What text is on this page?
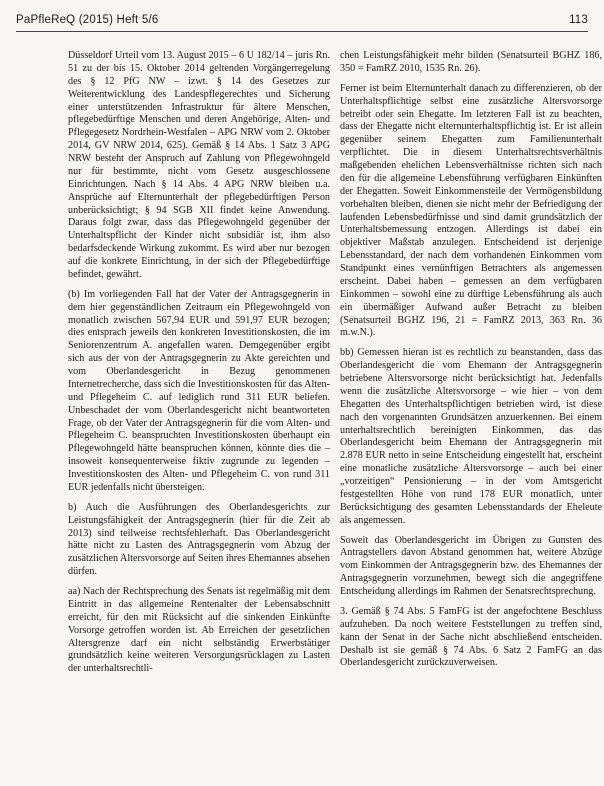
PaPfleReQ (2015) Heft 5/6	113

Düsseldorf Urteil vom 13. August 2015 – 6 U 182/14 – juris Rn. 51 zu der bis 15. Oktober 2014 geltenden Vorgängerregelung des § 12 PfG NW – izwt. § 14 des Gesetzes zur Weiterentwicklung des Landespflegerechtes und Sicherung einer unterstützenden Infrastruktur für ältere Menschen, pflegebedürftige Menschen und deren Angehörige, Alten- und Pflegegesetz Nordrhein-Westfalen – APG NRW vom 2. Oktober 2014, GV NRW 2014, 625). Gemäß § 14 Abs. 1 Satz 3 APG NRW besteht der Anspruch auf Zahlung von Pflegewohngeld nur für bestimmte, nicht vom Gesetz ausgeschlossene Einrichtungen. Nach § 14 Abs. 4 APG NRW bleiben u.a. Ansprüche auf Elternunterhalt der pflegebedürftigen Person unberücksichtigt; § 94 SGB XII findet keine Anwendung. Daraus folgt zwar, dass das Pflegewohngeld gegenüber der Unterhaltspflicht der Kinder nicht subsidiär ist, ihm also bedarfsdeckende Wirkung zukommt. Es wird aber nur bezogen auf die konkrete Einrichtung, in der sich der Pflegebedürftige befindet, gewährt.

(b) Im vorliegenden Fall hat der Vater der Antragsgegnerin in dem hier gegenständlichen Zeitraum ein Pflegewohngeld von monatlich zwischen 567,94 EUR und 591,97 EUR bezogen; dies entsprach jeweils den konkreten Investitionskosten, die im Seniorenzentrum A. angefallen waren. Demgegenüber ergibt sich aus der von der Antragsgegnerin zu Akte gereichten und vom Oberlandesgericht in Bezug genommenen Internetrecherche, dass sich die Investitionskosten für das Alten- und Pflegeheim C. auf lediglich rund 311 EUR beliefen. Unbeschadet der vom Oberlandesgericht nicht beantworteten Frage, ob der Vater der Antragsgegnerin für die vom Alten- und Pflegeheim C. beanspruchten Investitionskosten überhaupt ein Pflegewohngeld hätte beanspruchen können, könnte dies die – insoweit konsequenterweise fiktiv zugrunde zu legenden – Investitionskosten des Alten- und Pflegeheim C. von rund 311 EUR jedenfalls nicht übersteigen.

b) Auch die Ausführungen des Oberlandesgerichts zur Leistungsfähigkeit der Antragsgegnerin (hier für die Zeit ab 2013) sind teilweise rechtsfehlerhaft. Das Oberlandesgericht hätte nicht zu Lasten des Antragsgegnerin vom Abzug der zusätzlichen Altersvorsorge auf Seiten ihres Ehemannes absehen dürfen.

aa) Nach der Rechtsprechung des Senats ist regelmäßig mit dem Eintritt in das allgemeine Rentenalter der Lebensabschnitt erreicht, für den mit Rücksicht auf die sinkenden Einkünfte Vorsorge getroffen worden ist. Ab Erreichen der gesetzlichen Altersgrenze darf ein nicht selbständig Erwerbstätiger grundsätzlich keine weiteren Versorgungsrücklagen zu Lasten der unterhaltsrechtli-

chen Leistungsfähigkeit mehr bilden (Senatsurteil BGHZ 186, 350 = FamRZ 2010, 1535 Rn. 26).

Ferner ist beim Elternunterhalt danach zu differenzieren, ob der Unterhaltspflichtige selbst eine zusätzliche Altersvorsorge betreibt oder sein Ehegatte. Im letzteren Fall ist zu beachten, dass der Ehegatte nicht elternunterhaltspflichtig ist. Er ist allein gegenüber seinem Ehegatten zum Familienunterhalt verpflichtet. Die in diesem Unterhaltsrechtsverhältnis maßgebenden ehelichen Lebensverhältnisse richten sich nach den für die allgemeine Lebensführung verfügbaren Einkünften der Ehegatten. Soweit Einkommensteile der Vermögensbildung vorbehalten bleiben, dienen sie nicht mehr der Befriedigung der laufenden Lebensbedürfnisse und sind damit grundsätzlich der Unterhaltsbemessung entzogen. Allerdings ist dabei ein objektiver Maßstab anzulegen. Entscheidend ist derjenige Lebensstandard, der nach dem vorhandenen Einkommen vom Standpunkt eines vernünftigen Betrachters als angemessen erscheint. Dabei haben – gemessen an dem verfügbaren Einkommen – sowohl eine zu dürftige Lebensführung als auch ein übermäßiger Aufwand außer Betracht zu bleiben (Senatsurteil BGHZ 196, 21 = FamRZ 2013, 363 Rn. 36 m.w.N.).

bb) Gemessen hieran ist es rechtlich zu beanstanden, dass das Oberlandesgericht die vom Ehemann der Antragsgegnerin betriebene Altersvorsorge nicht berücksichtigt hat. Jedenfalls wenn die zusätzliche Altersvorsorge – wie hier – von dem Ehegatten des Unterhaltspflichtigen betrieben wird, ist diese nach den vorgenannten Grundsätzen anzuerkennen. Bei einem unterhaltsrechtlich bereinigten Einkommen, das das Oberlandesgericht beim Ehemann der Antragsgegnerin mit 2.878 EUR netto in seine Entscheidung eingestellt hat, erscheint eine monatliche zusätzliche Altersvorsorge – auch bei einer „vorzeitigen“ Pensionierung – in der vom Amtsgericht festgestellten Höhe von rund 178 EUR monatlich, unter Berücksichtigung des gesamten Lebensstandards der Eheleute als angemessen.

Soweit das Oberlandesgericht im Übrigen zu Gunsten des Antragstellers davon Abstand genommen hat, weitere Abzüge vom Einkommen der Antragsgegnerin bzw. des Ehemannes der Antragsgegnerin vorzunehmen, bewegt sich die angegriffene Entscheidung allerdings im Rahmen der Senatsrechtsprechung.

3. Gemäß § 74 Abs. 5 FamFG ist der angefochtene Beschluss aufzuheben. Da noch weitere Feststellungen zu treffen sind, kann der Senat in der Sache nicht abschließend entscheiden. Deshalb ist sie gemäß § 74 Abs. 6 Satz 2 FamFG an das Oberlandesgericht zurückzuverweisen.
